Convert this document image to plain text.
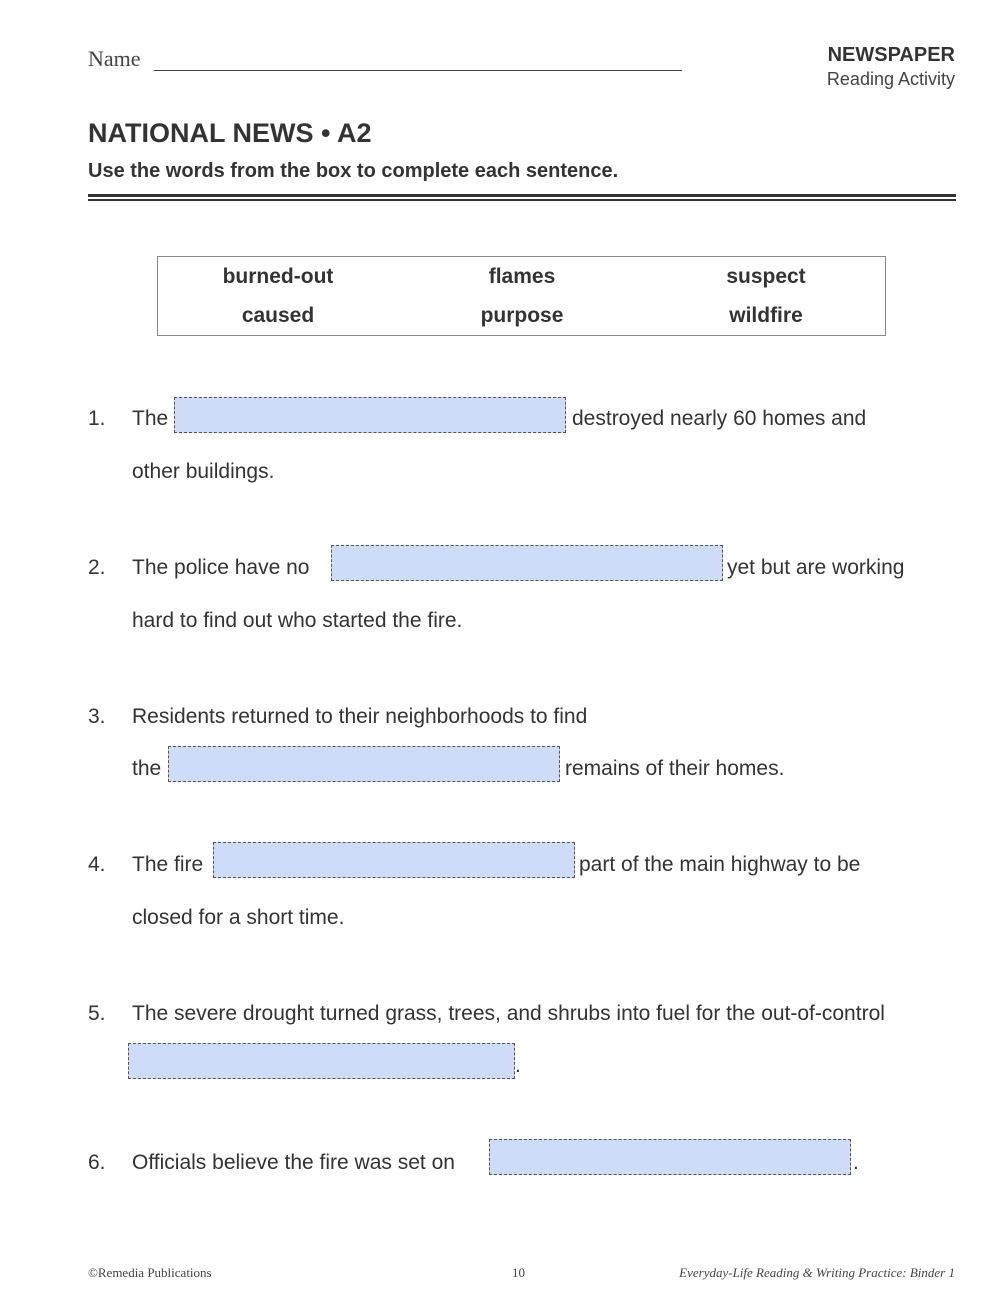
Name	NEWSPAPER
Reading Activity
NATIONAL NEWS • A2
Use the words from the box to complete each sentence.
burned-out	flames	suspect
caused	purpose	wildfire
1. The	destroyed nearly 60 homes and
other buildings.
2. The police have no	yet but are working
hard to find out who started the fire.
3. Residents returned to their neighborhoods to find
the	remains of their homes.
4. The fire	part of the main highway to be
closed for a short time.
5. The severe drought turned grass, trees, and shrubs into fuel for the out-of-control
.
6. Officials believe the fire was set on	.
©Remedia Publications	10	Everyday-Life Reading & Writing Practice: Binder 1
